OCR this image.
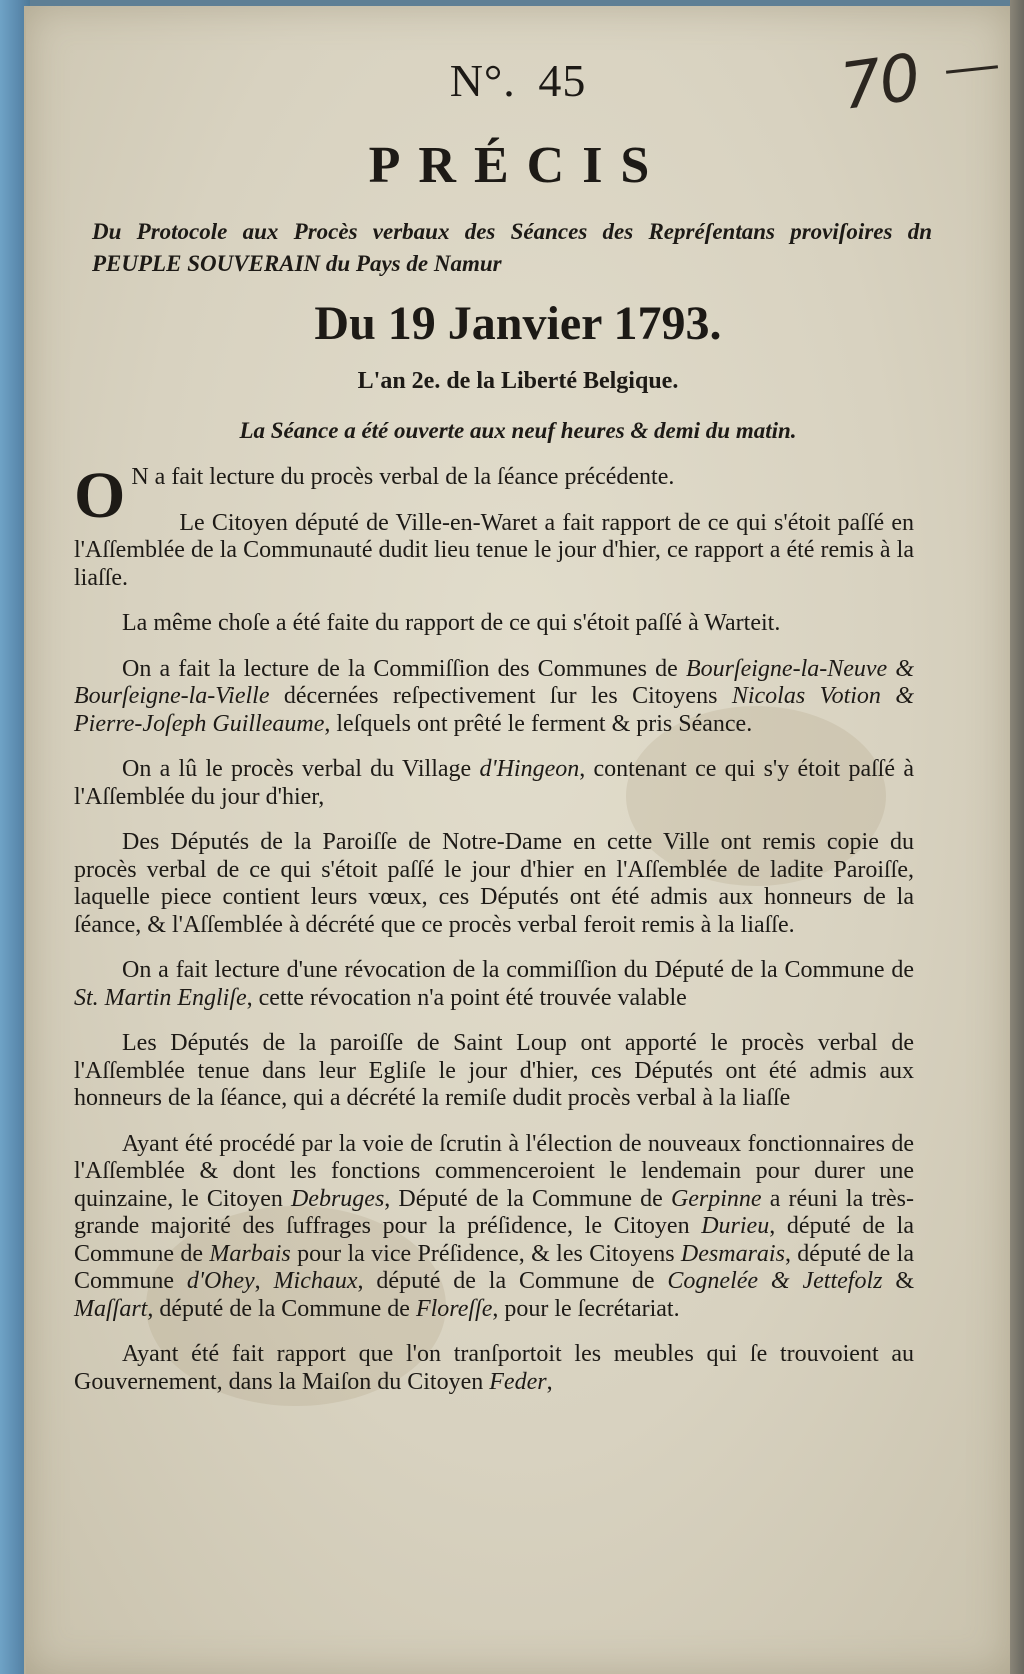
70
N°. 45
PRÉCIS
Du Protocole aux Procès verbaux des Séances des Repréſentans proviſoires dn PEUPLE SOUVERAIN du Pays de Namur
Du 19 Janvier 1793.
L'an 2e. de la Liberté Belgique.
La Séance a été ouverte aux neuf heures & demi du matin.

O N a fait lecture du procès verbal de la ſéance précédente.

Le Citoyen député de Ville-en-Waret a fait rapport de ce qui s'étoit paſſé en l'Aſſemblée de la Communauté dudit lieu tenue le jour d'hier, ce rapport a été remis à la liaſſe.

La même choſe a été faite du rapport de ce qui s'étoit paſſé à Warteit.

On a fait la lecture de la Commiſſion des Communes de Bourſeigne-la-Neuve & Bourſeigne-la-Vielle décernées reſpectivement ſur les Citoyens Nicolas Votion & Pierre-Joſeph Guilleaume, leſquels ont prêté le ferment & pris Séance.

On a lû le procès verbal du Village d'Hingeon, contenant ce qui s'y étoit paſſé à l'Aſſemblée du jour d'hier,

Des Députés de la Paroiſſe de Notre-Dame en cette Ville ont remis copie du procès verbal de ce qui s'étoit paſſé le jour d'hier en l'Aſſemblée de ladite Paroiſſe, laquelle piece contient leurs vœux, ces Députés ont été admis aux honneurs de la ſéance, & l'Aſſemblée à décrété que ce procès verbal feroit remis à la liaſſe.

On a fait lecture d'une révocation de la commiſſion du Député de la Commune de St. Martin Engliſe, cette révocation n'a point été trouvée valable

Les Députés de la paroiſſe de Saint Loup ont apporté le procès verbal de l'Aſſemblée tenue dans leur Egliſe le jour d'hier, ces Députés ont été admis aux honneurs de la ſéance, qui a décrété la remiſe dudit procès verbal à la liaſſe

Ayant été procédé par la voie de ſcrutin à l'élection de nouveaux fonctionnaires de l'Aſſemblée & dont les fonctions commenceroient le lendemain pour durer une quinzaine, le Citoyen Debruges, Député de la Commune de Gerpinne a réuni la très-grande majorité des ſuffrages pour la préſidence, le Citoyen Durieu, député de la Commune de Marbais pour la vice Préſidence, & les Citoyens Desmarais, député de la Commune d'Ohey, Michaux, député de la Commune de Cognelée & Jettefolz & Maſſart, député de la Commune de Floreſſe, pour le ſecrétariat.

Ayant été fait rapport que l'on tranſportoit les meubles qui ſe trouvoient au Gouvernement, dans la Maiſon du Citoyen Feder,
